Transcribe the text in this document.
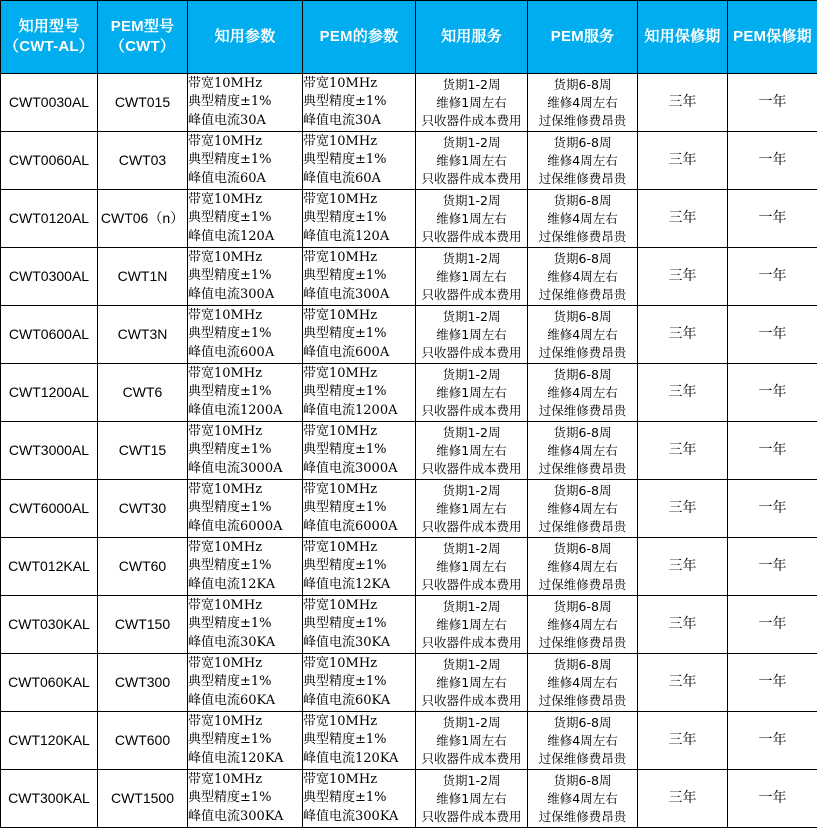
知用型号
（CWT-AL）	PEM型号
（CWT）	知用参数	PEM的参数	知用服务	PEM服务	知用保修期	PEM保修期

CWT0030AL	CWT015	带宽10MHz
典型精度±1%
峰值电流30A	带宽10MHz
典型精度±1%
峰值电流30A	货期1-2周
维修1周左右
只收器件成本费用	货期6-8周
维修4周左右
过保维修费昂贵	三年	一年
CWT0060AL	CWT03	带宽10MHz
典型精度±1%
峰值电流60A	带宽10MHz
典型精度±1%
峰值电流60A	货期1-2周
维修1周左右
只收器件成本费用	货期6-8周
维修4周左右
过保维修费昂贵	三年	一年
CWT0120AL	CWT06（n）	带宽10MHz
典型精度±1%
峰值电流120A	带宽10MHz
典型精度±1%
峰值电流120A	货期1-2周
维修1周左右
只收器件成本费用	货期6-8周
维修4周左右
过保维修费昂贵	三年	一年
CWT0300AL	CWT1N	带宽10MHz
典型精度±1%
峰值电流300A	带宽10MHz
典型精度±1%
峰值电流300A	货期1-2周
维修1周左右
只收器件成本费用	货期6-8周
维修4周左右
过保维修费昂贵	三年	一年
CWT0600AL	CWT3N	带宽10MHz
典型精度±1%
峰值电流600A	带宽10MHz
典型精度±1%
峰值电流600A	货期1-2周
维修1周左右
只收器件成本费用	货期6-8周
维修4周左右
过保维修费昂贵	三年	一年
CWT1200AL	CWT6	带宽10MHz
典型精度±1%
峰值电流1200A	带宽10MHz
典型精度±1%
峰值电流1200A	货期1-2周
维修1周左右
只收器件成本费用	货期6-8周
维修4周左右
过保维修费昂贵	三年	一年
CWT3000AL	CWT15	带宽10MHz
典型精度±1%
峰值电流3000A	带宽10MHz
典型精度±1%
峰值电流3000A	货期1-2周
维修1周左右
只收器件成本费用	货期6-8周
维修4周左右
过保维修费昂贵	三年	一年
CWT6000AL	CWT30	带宽10MHz
典型精度±1%
峰值电流6000A	带宽10MHz
典型精度±1%
峰值电流6000A	货期1-2周
维修1周左右
只收器件成本费用	货期6-8周
维修4周左右
过保维修费昂贵	三年	一年
CWT012KAL	CWT60	带宽10MHz
典型精度±1%
峰值电流12KA	带宽10MHz
典型精度±1%
峰值电流12KA	货期1-2周
维修1周左右
只收器件成本费用	货期6-8周
维修4周左右
过保维修费昂贵	三年	一年
CWT030KAL	CWT150	带宽10MHz
典型精度±1%
峰值电流30KA	带宽10MHz
典型精度±1%
峰值电流30KA	货期1-2周
维修1周左右
只收器件成本费用	货期6-8周
维修4周左右
过保维修费昂贵	三年	一年
CWT060KAL	CWT300	带宽10MHz
典型精度±1%
峰值电流60KA	带宽10MHz
典型精度±1%
峰值电流60KA	货期1-2周
维修1周左右
只收器件成本费用	货期6-8周
维修4周左右
过保维修费昂贵	三年	一年
CWT120KAL	CWT600	带宽10MHz
典型精度±1%
峰值电流120KA	带宽10MHz
典型精度±1%
峰值电流120KA	货期1-2周
维修1周左右
只收器件成本费用	货期6-8周
维修4周左右
过保维修费昂贵	三年	一年
CWT300KAL	CWT1500	带宽10MHz
典型精度±1%
峰值电流300KA	带宽10MHz
典型精度±1%
峰值电流300KA	货期1-2周
维修1周左右
只收器件成本费用	货期6-8周
维修4周左右
过保维修费昂贵	三年	一年
